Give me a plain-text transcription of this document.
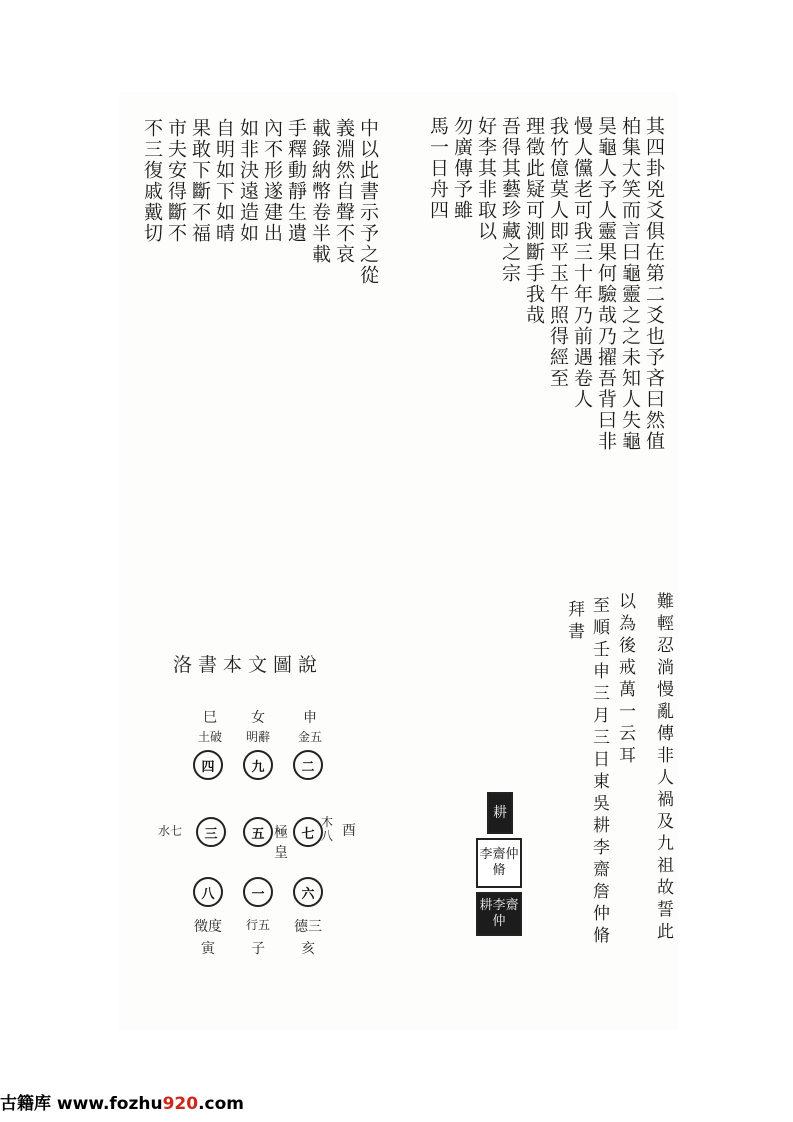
中以此書示予之從
義淵然自聲不哀
載錄納幣卷半載
手釋動靜生遺
內不形遂建出
如非決遠造如
自明如下如晴
果敢下斷不福
市夫安得斷不
不三復戚戴切	其四卦兇爻俱在第二爻也予吝曰然值
柏集大笑而言曰龜靈之之未知人失龜
昊龜人予人靈果何驗哉乃擢吾背曰非
慢人儻老可我三十年乃前遇卷人
我竹億莫人即平玉午照得經至
理徵此疑可測斷手我哉
吾得其藝珍藏之宗
好李其非取以
勿廣傳予雖
馬一日舟四
難輕忍淌慢亂傳非人禍及九祖故誓此
以為後戒萬一云耳
至順壬申三月三日東吳耕李齋詹仲脩
拜書
耕
李齋仲脩
耕李齋仲
洛書本文圖說
申
女
巳
金五
明辭
土破
二
九
四
木八 酉
七
極皇
五
三
水七
六
一
八
德三
行五
徵度
亥
子
寅
古籍库 www.fozhu920.com
